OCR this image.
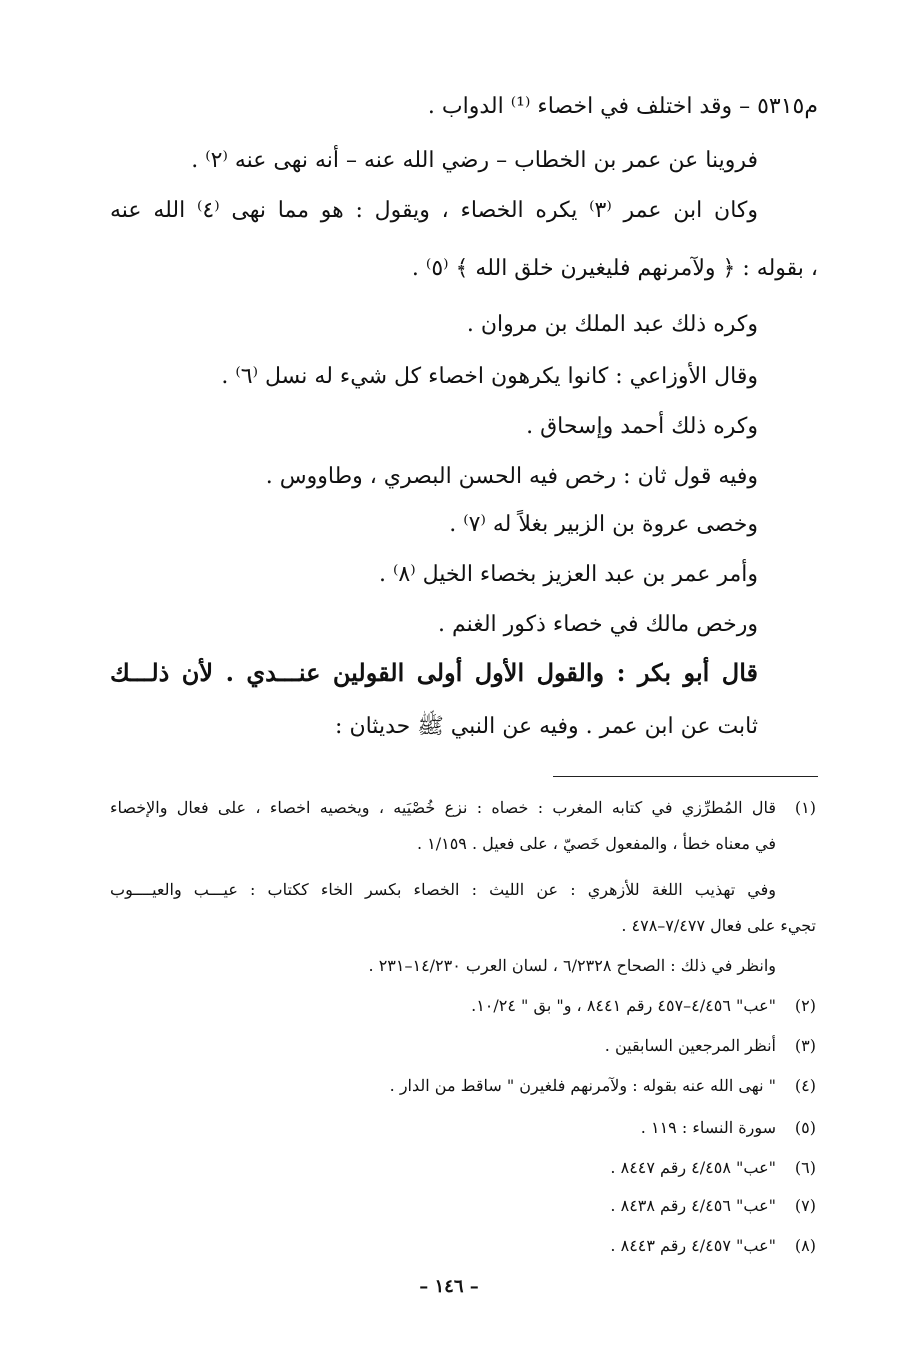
م٥٣١٥ – وقد اختلف في اخصاء ⁽¹⁾ الدواب .
فروينا عن عمر بن الخطاب – رضي الله عنه – أنه نهى عنه ⁽٢⁾ .
وكان ابن عمر ⁽٣⁾ يكره الخصاء ، ويقول : هو مما نهى ⁽٤⁾ الله عنه
، بقوله : ﴿ ولآمرنهم فليغيرن خلق الله ﴾ ⁽٥⁾ .
وكره ذلك عبد الملك بن مروان .
وقال الأوزاعي : كانوا يكرهون اخصاء كل شيء له نسل ⁽٦⁾ .
وكره ذلك أحمد وإسحاق .
وفيه قول ثان : رخص فيه الحسن البصري ، وطاووس .
وخصى عروة بن الزبير بغلاً له ⁽٧⁾ .
وأمر عمر بن عبد العزيز بخصاء الخيل ⁽٨⁾ .
ورخص مالك في خصاء ذكور الغنم .
قال أبو بكر : والقول الأول أولى القولين عنـــدي . لأن ذلـــك
ثابت عن ابن عمر . وفيه عن النبي ﷺ حديثان :
(١)قال المُطرِّزي في كتابه المغرب : خصاه : نزع خُصْيَيه ، ويخصيه اخصاء ، على فعال والإخصاء
في معناه خطأ ، والمفعول خَصيّ ، على فعيل . ١/١٥٩ .
وفي تهذيب اللغة للأزهري : عن الليث : الخصاء بكسر الخاء ككتاب : عيـــب والعيــــوب
تجيء على فعال ٧/٤٧٧–٤٧٨ .
وانظر في ذلك : الصحاح ٦/٢٣٢٨ ، لسان العرب ١٤/٢٣٠–٢٣١ .
(٢)"عب" ٤/٤٥٦–٤٥٧ رقم ٨٤٤١ ، و" بق " ١٠/٢٤.
(٣)أنظر المرجعين السابقين .
(٤)" نهى الله عنه بقوله : ولآمرنهم فلغيرن " ساقط من الدار .
(٥)سورة النساء : ١١٩ .
(٦)"عب" ٤/٤٥٨ رقم ٨٤٤٧ .
(٧)"عب" ٤/٤٥٦ رقم ٨٤٣٨ .
(٨)"عب" ٤/٤٥٧ رقم ٨٤٤٣ .
– ١٤٦ –
